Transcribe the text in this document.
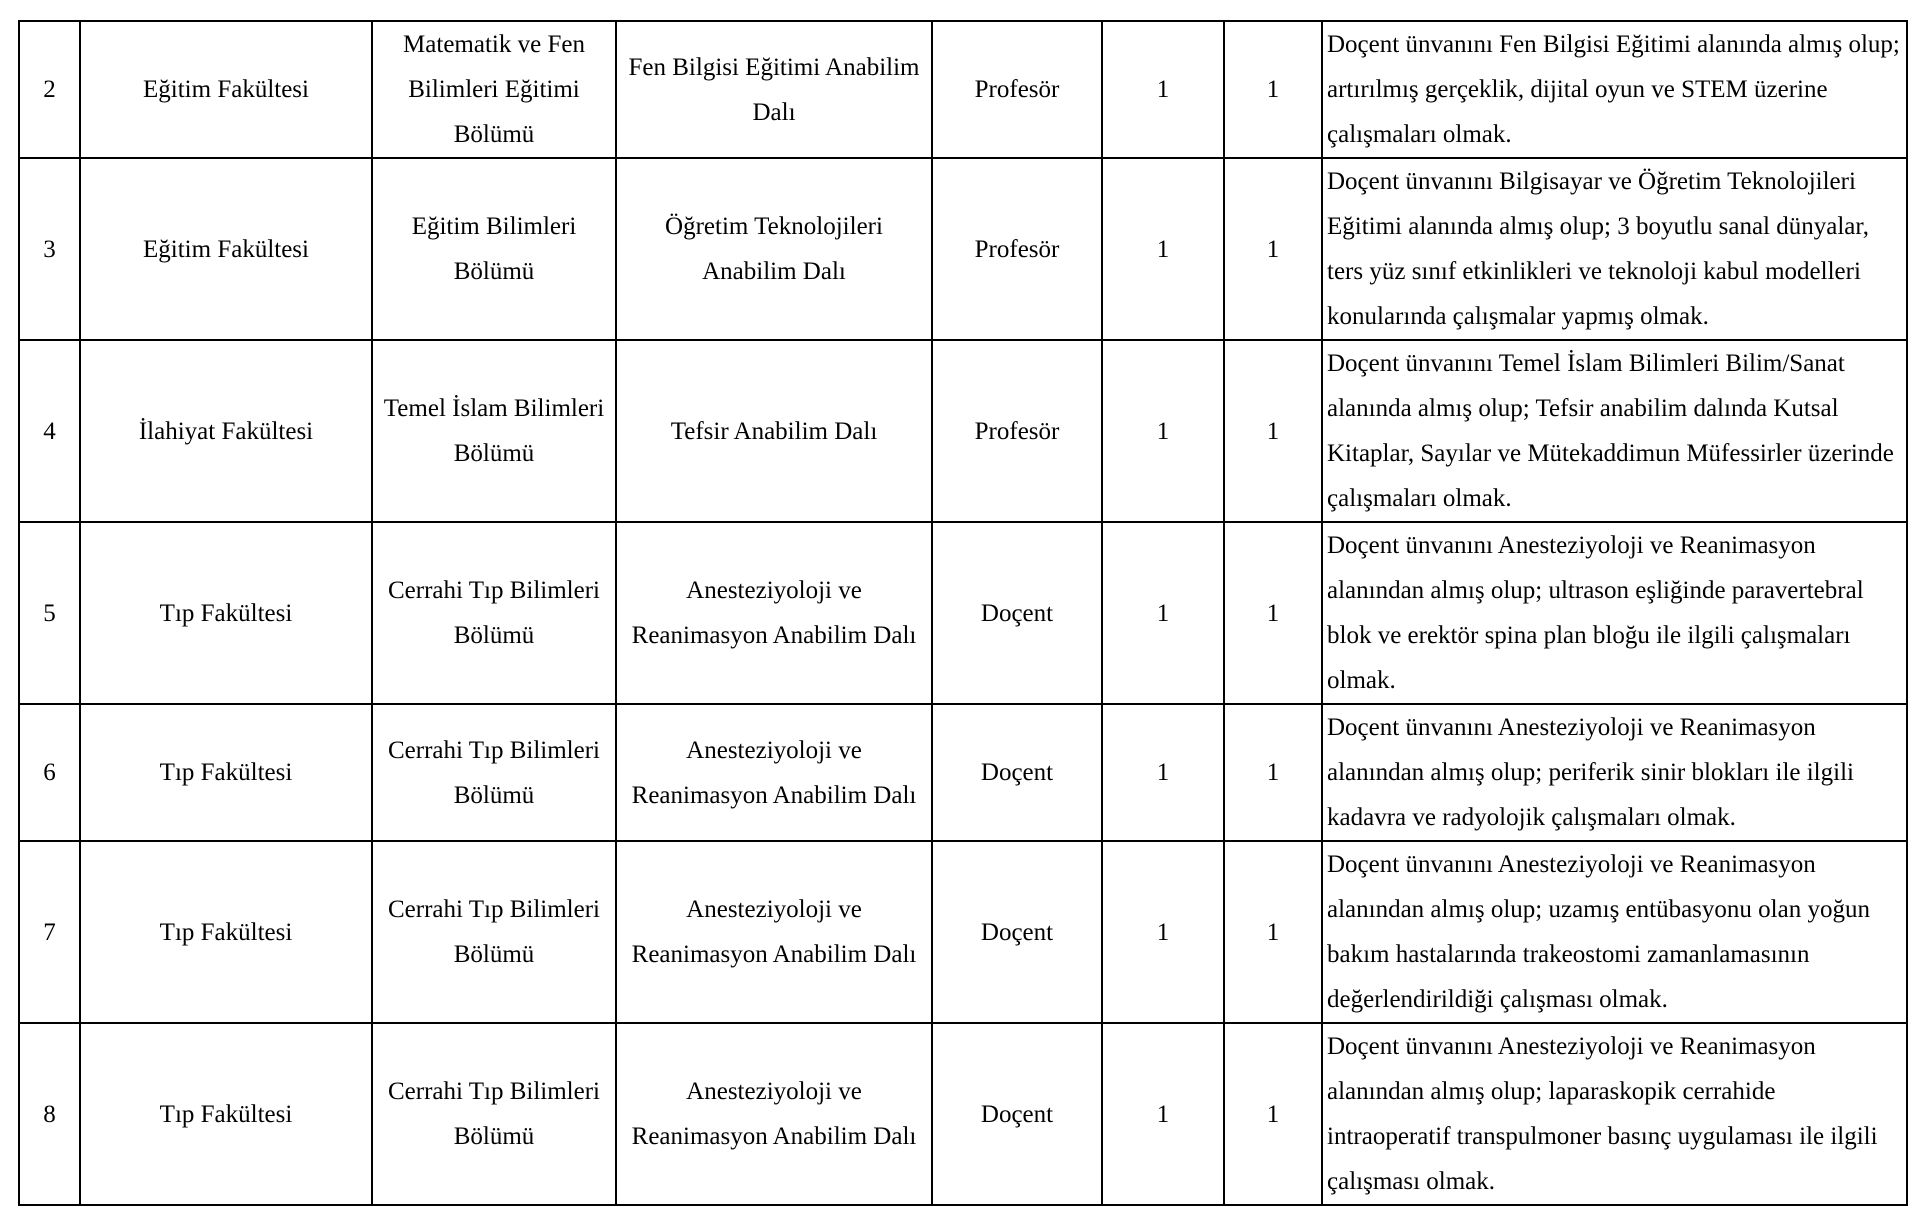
2	Eğitim Fakültesi	Matematik ve Fen Bilimleri Eğitimi Bölümü	Fen Bilgisi Eğitimi Anabilim Dalı	Profesör	1	1	Doçent ünvanını Fen Bilgisi Eğitimi alanında almış olup; artırılmış gerçeklik, dijital oyun ve STEM üzerine çalışmaları olmak.
3	Eğitim Fakültesi	Eğitim Bilimleri Bölümü	Öğretim Teknolojileri Anabilim Dalı	Profesör	1	1	Doçent ünvanını Bilgisayar ve Öğretim Teknolojileri Eğitimi alanında almış olup; 3 boyutlu sanal dünyalar, ters yüz sınıf etkinlikleri ve teknoloji kabul modelleri konularında çalışmalar yapmış olmak.
4	İlahiyat Fakültesi	Temel İslam Bilimleri Bölümü	Tefsir Anabilim Dalı	Profesör	1	1	Doçent ünvanını Temel İslam Bilimleri Bilim/Sanat alanında almış olup; Tefsir anabilim dalında Kutsal Kitaplar, Sayılar ve Mütekaddimun Müfessirler üzerinde çalışmaları olmak.
5	Tıp Fakültesi	Cerrahi Tıp Bilimleri Bölümü	Anesteziyoloji ve Reanimasyon Anabilim Dalı	Doçent	1	1	Doçent ünvanını Anesteziyoloji ve Reanimasyon alanından almış olup; ultrason eşliğinde paravertebral blok ve erektör spina plan bloğu ile ilgili çalışmaları olmak.
6	Tıp Fakültesi	Cerrahi Tıp Bilimleri Bölümü	Anesteziyoloji ve Reanimasyon Anabilim Dalı	Doçent	1	1	Doçent ünvanını Anesteziyoloji ve Reanimasyon alanından almış olup; periferik sinir blokları ile ilgili kadavra ve radyolojik çalışmaları olmak.
7	Tıp Fakültesi	Cerrahi Tıp Bilimleri Bölümü	Anesteziyoloji ve Reanimasyon Anabilim Dalı	Doçent	1	1	Doçent ünvanını Anesteziyoloji ve Reanimasyon alanından almış olup; uzamış entübasyonu olan yoğun bakım hastalarında trakeostomi zamanlamasının değerlendirildiği çalışması olmak.
8	Tıp Fakültesi	Cerrahi Tıp Bilimleri Bölümü	Anesteziyoloji ve Reanimasyon Anabilim Dalı	Doçent	1	1	Doçent ünvanını Anesteziyoloji ve Reanimasyon alanından almış olup; laparaskopik cerrahide intraoperatif transpulmoner basınç uygulaması ile ilgili çalışması olmak.
